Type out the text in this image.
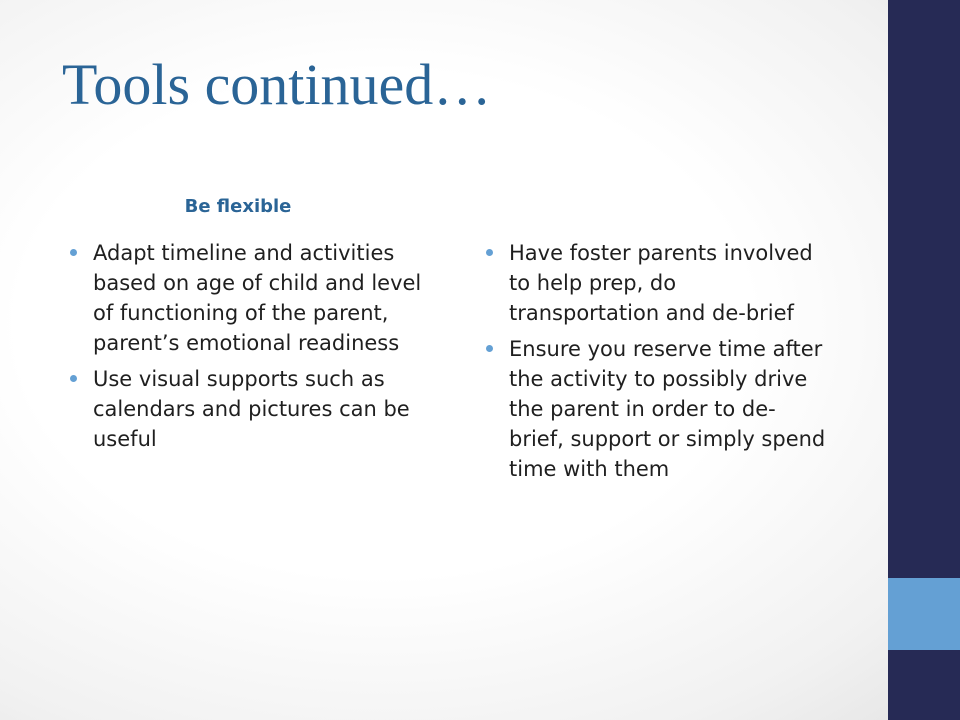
Tools continued…
Be flexible
Adapt timeline and activities based on age of child and level of functioning of the parent, parent’s emotional readiness
Use visual supports such as calendars and pictures can be useful
Have foster parents involved to help prep, do transportation and de-brief
Ensure you reserve time after the activity to possibly drive the parent in order to de-brief, support or simply spend time with them
